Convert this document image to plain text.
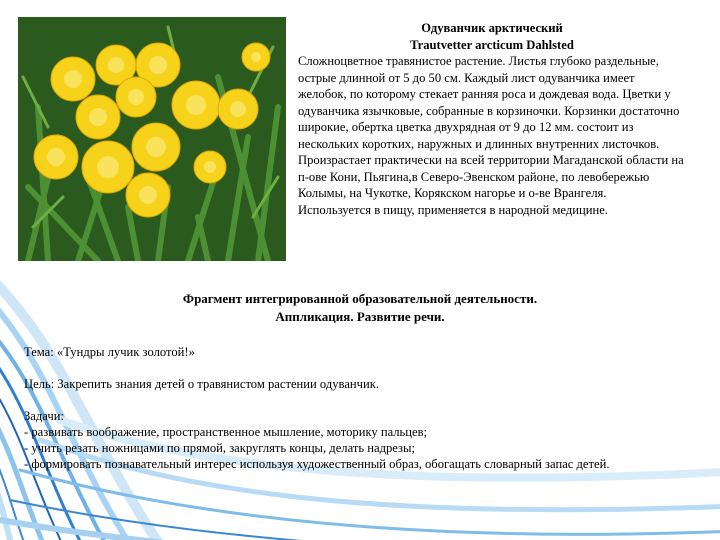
Одуванчик арктический
Trautvetter arcticum Dahlsted

Сложноцветное травянистое растение. Листья глубоко раздельные, острые длинной от 5 до 50 см. Каждый лист одуванчика имеет желобок, по которому стекает ранняя роса и дождевая вода. Цветки у одуванчика язычковые, собранные в корзиночки. Корзинки достаточно широкие, обертка цветка двухрядная от 9 до 12 мм. состоит из нескольких коротких, наружных и длинных внутренних листочков.

Произрастает практически на всей территории Магаданской области на п-ове Кони, Пьягина,в Северо-Эвенском районе, по левобережью Колымы, на Чукотке, Корякском нагорье и о-ве Врангеля.

Используется в пищу, применяется в народной медицине.

Фрагмент интегрированной образовательной деятельности.
Аппликация. Развитие речи.
Тема: «Тундры лучик золотой!»
Цель: Закрепить знания детей о травянистом растении одуванчик.
Задачи:
- развивать воображение, пространственное мышление, моторику пальцев;
- учить резать ножницами по прямой, закруглять концы, делать надрезы;
- формировать познавательный интерес используя художественный образ, обогащать словарный запас детей.
